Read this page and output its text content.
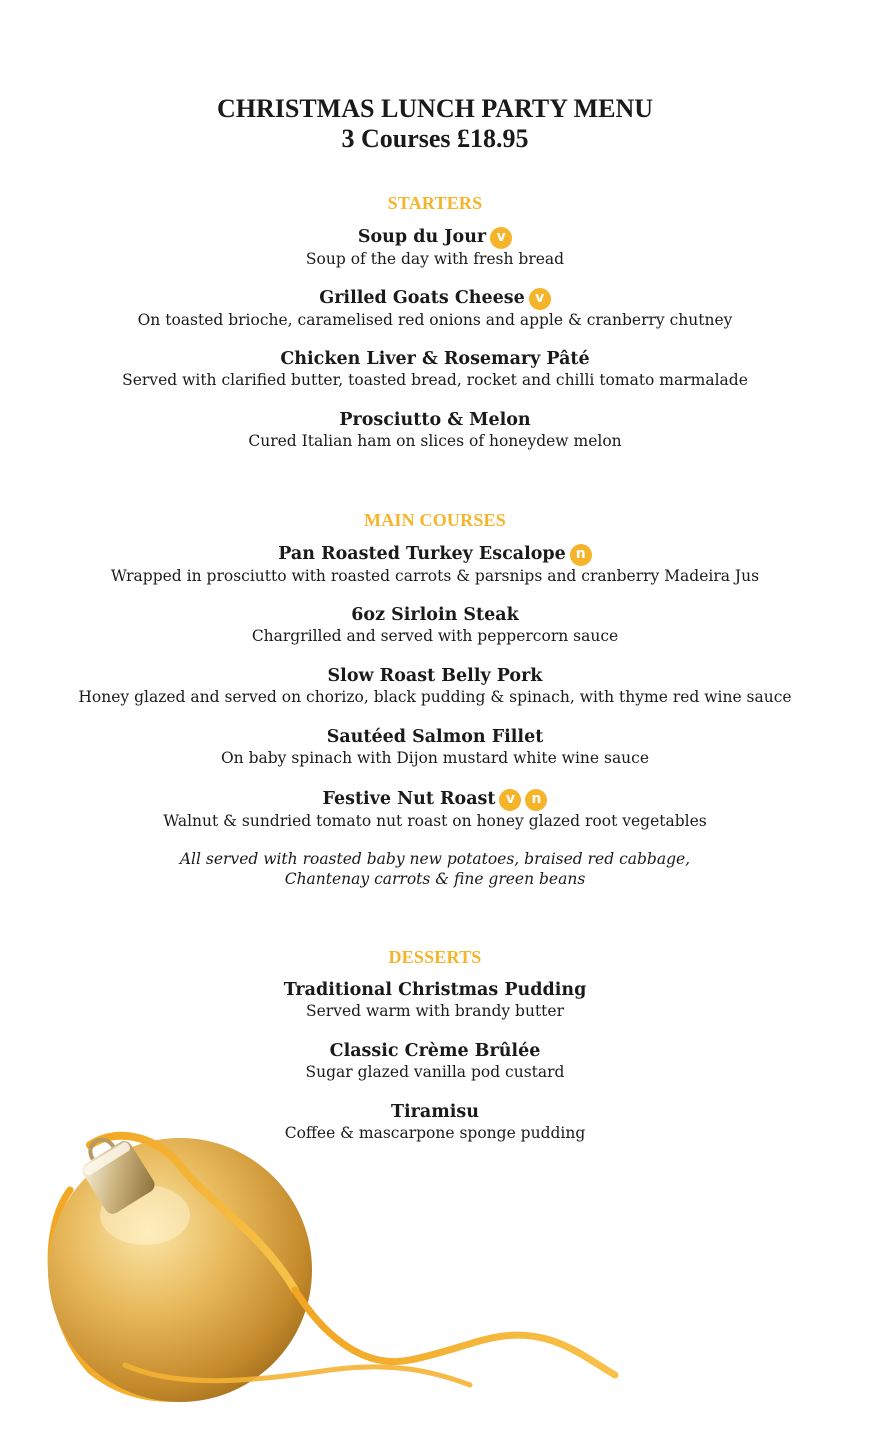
CHRISTMAS LUNCH PARTY MENU
3 Courses £18.95
STARTERS
Soup du Jour v
Soup of the day with fresh bread
Grilled Goats Cheese v
On toasted brioche, caramelised red onions and apple & cranberry chutney
Chicken Liver & Rosemary Pâté
Served with clarified butter, toasted bread, rocket and chilli tomato marmalade
Prosciutto & Melon
Cured Italian ham on slices of honeydew melon
MAIN COURSES
Pan Roasted Turkey Escalope n
Wrapped in prosciutto with roasted carrots & parsnips and cranberry Madeira Jus
6oz Sirloin Steak
Chargrilled and served with peppercorn sauce
Slow Roast Belly Pork
Honey glazed and served on chorizo, black pudding & spinach, with thyme red wine sauce
Sautéed Salmon Fillet
On baby spinach with Dijon mustard white wine sauce
Festive Nut Roast v n
Walnut & sundried tomato nut roast on honey glazed root vegetables
All served with roasted baby new potatoes, braised red cabbage,
Chantenay carrots & fine green beans
DESSERTS
Traditional Christmas Pudding
Served warm with brandy butter
Classic Crème Brûlée
Sugar glazed vanilla pod custard
Tiramisu
Coffee & mascarpone sponge pudding
